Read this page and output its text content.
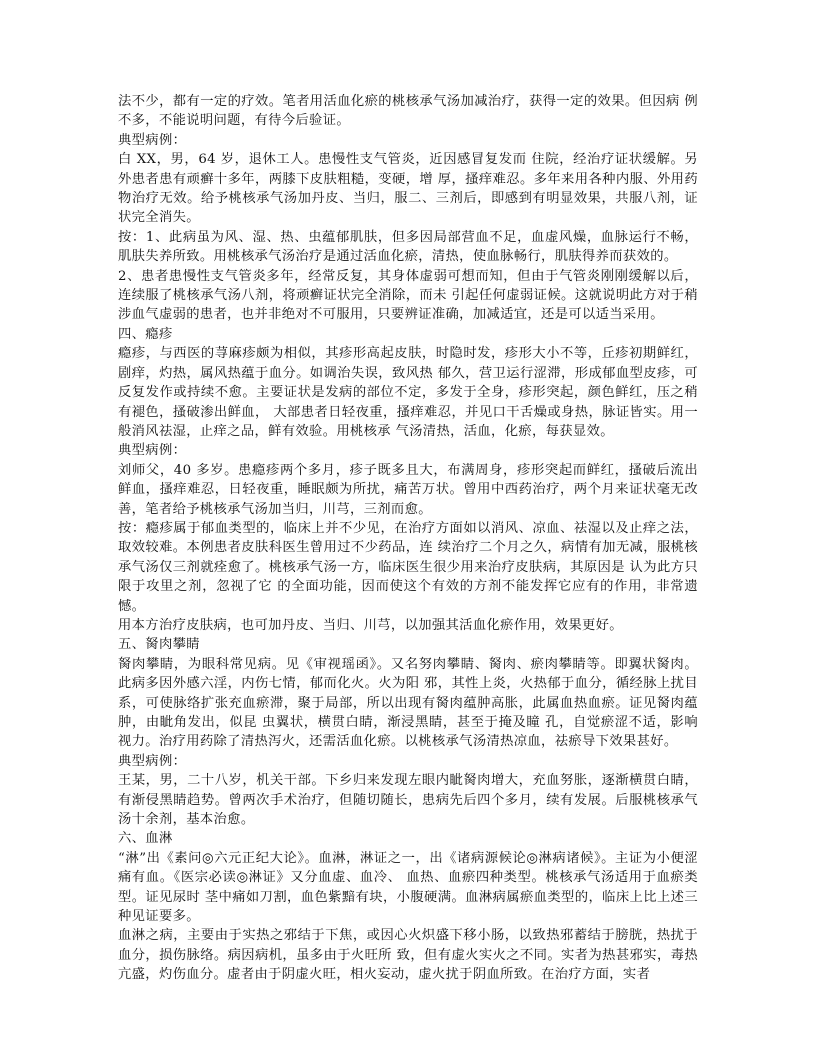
法不少，都有一定的疗效。笔者用活血化瘀的桃核承气汤加减治疗，获得一定的效果。但因病 例不多，不能说明问题，有待今后验证。

典型病例：

白 XX，男，64 岁，退休工人。患慢性支气管炎，近因感冒复发而 住院，经治疗证状缓解。另外患者患有顽癣十多年，两膝下皮肤粗糙，变硬，增 厚，搔痒难忍。多年来用各种内服、外用药物治疗无效。给予桃核承气汤加丹皮、当归，服二、三剂后，即感到有明显效果，共服八剂，证状完全消失。

按：1、此病虽为风、湿、热、虫蕴郁肌肤，但多因局部营血不足，血虚风燥，血脉运行不畅，肌肤失养所致。用桃核承气汤治疗是通过活血化瘀，清热，使血脉畅行，肌肤得养而获效的。

2、患者患慢性支气管炎多年，经常反复，其身体虚弱可想而知，但由于气管炎刚刚缓解以后，连续服了桃核承气汤八剂，将顽癣证状完全消除，而未 引起任何虚弱证候。这就说明此方对于稍涉血气虚弱的患者，也并非绝对不可服用，只要辨证准确，加减适宜，还是可以适当采用。

四、瘾疹

瘾疹，与西医的荨麻疹颇为相似，其疹形高起皮肤，时隐时发，疹形大小不等，丘疹初期鲜红，剧痒，灼热，属风热蕴于血分。如调治失误，致风热 郁久，营卫运行涩滞，形成郁血型皮疹，可反复发作或持续不愈。主要证状是发病的部位不定，多发于全身，疹形突起，颜色鲜红，压之稍有褪色，搔破渗出鲜血， 大部患者日轻夜重，搔痒难忍，并见口干舌燥或身热，脉证皆实。用一般消风祛湿，止痒之品，鲜有效验。用桃核承 气汤清热，活血，化瘀，每获显效。

典型病例：

刘师父，40 多岁。患瘾疹两个多月，疹子既多且大，布满周身，疹形突起而鲜红，搔破后流出鲜血，搔痒难忍，日轻夜重，睡眠颇为所扰，痛苦万状。曾用中西药治疗，两个月来证状毫无改善，笔者给予桃核承气汤加当归，川芎，三剂而愈。

按：瘾疹属于郁血类型的，临床上并不少见，在治疗方面如以消风、凉血、祛湿以及止痒之法，取效较难。本例患者皮肤科医生曾用过不少药品，连 续治疗二个月之久，病情有加无减，服桃核承气汤仅三剂就痊愈了。桃核承气汤一方，临床医生很少用来治疗皮肤病，其原因是 认为此方只限于攻里之剂，忽视了它 的全面功能，因而使这个有效的方剂不能发挥它应有的作用，非常遗憾。

用本方治疗皮肤病，也可加丹皮、当归、川芎，以加强其活血化瘀作用，效果更好。

五、胬肉攀睛

胬肉攀睛，为眼科常见病。见《审视瑶函》。又名努肉攀睛、胬肉、瘀肉攀睛等。即翼状胬肉。此病多因外感六淫，内伤七情，郁而化火。火为阳 邪，其性上炎，火热郁于血分，循经脉上扰目系，可使脉络扩张充血瘀滞，聚于局部，所以出现有胬肉蕴肿高胀，此属血热血瘀。证见胬肉蕴肿，由眦角发出，似昆 虫翼状，横贯白睛，渐浸黑睛，甚至于掩及瞳 孔，自觉瘀涩不适，影响视力。治疗用药除了清热泻火，还需活血化瘀。以桃核承气汤清热凉血，祛瘀导下效果甚好。

典型病例：

王某，男，二十八岁，机关干部。下乡归来发现左眼内眦胬肉增大，充血努胀，逐渐横贯白睛，有渐侵黑睛趋势。曾两次手术治疗，但随切随长，患病先后四个多月，续有发展。后服桃核承气汤十余剂，基本治愈。

六、血淋

“淋”出《素问◎六元正纪大论》。血淋，淋证之一，出《诸病源候论◎淋病诸候》。主证为小便涩痛有血。《医宗必读◎淋证》又分血虚、血冷、 血热、血瘀四种类型。桃核承气汤适用于血瘀类型。证见尿时 茎中痛如刀割，血色紫黯有块，小腹硬满。血淋病属瘀血类型的，临床上比上述三种见证要多。

血淋之病，主要由于实热之邪结于下焦，或因心火炽盛下移小肠，以致热邪蓄结于膀胱，热扰于血分，损伤脉络。病因病机，虽多由于火旺所 致，但有虚火实火之不同。实者为热甚邪实，毒热亢盛，灼伤血分。虚者由于阴虚火旺，相火妄动，虚火扰于阴血所致。在治疗方面，实者
